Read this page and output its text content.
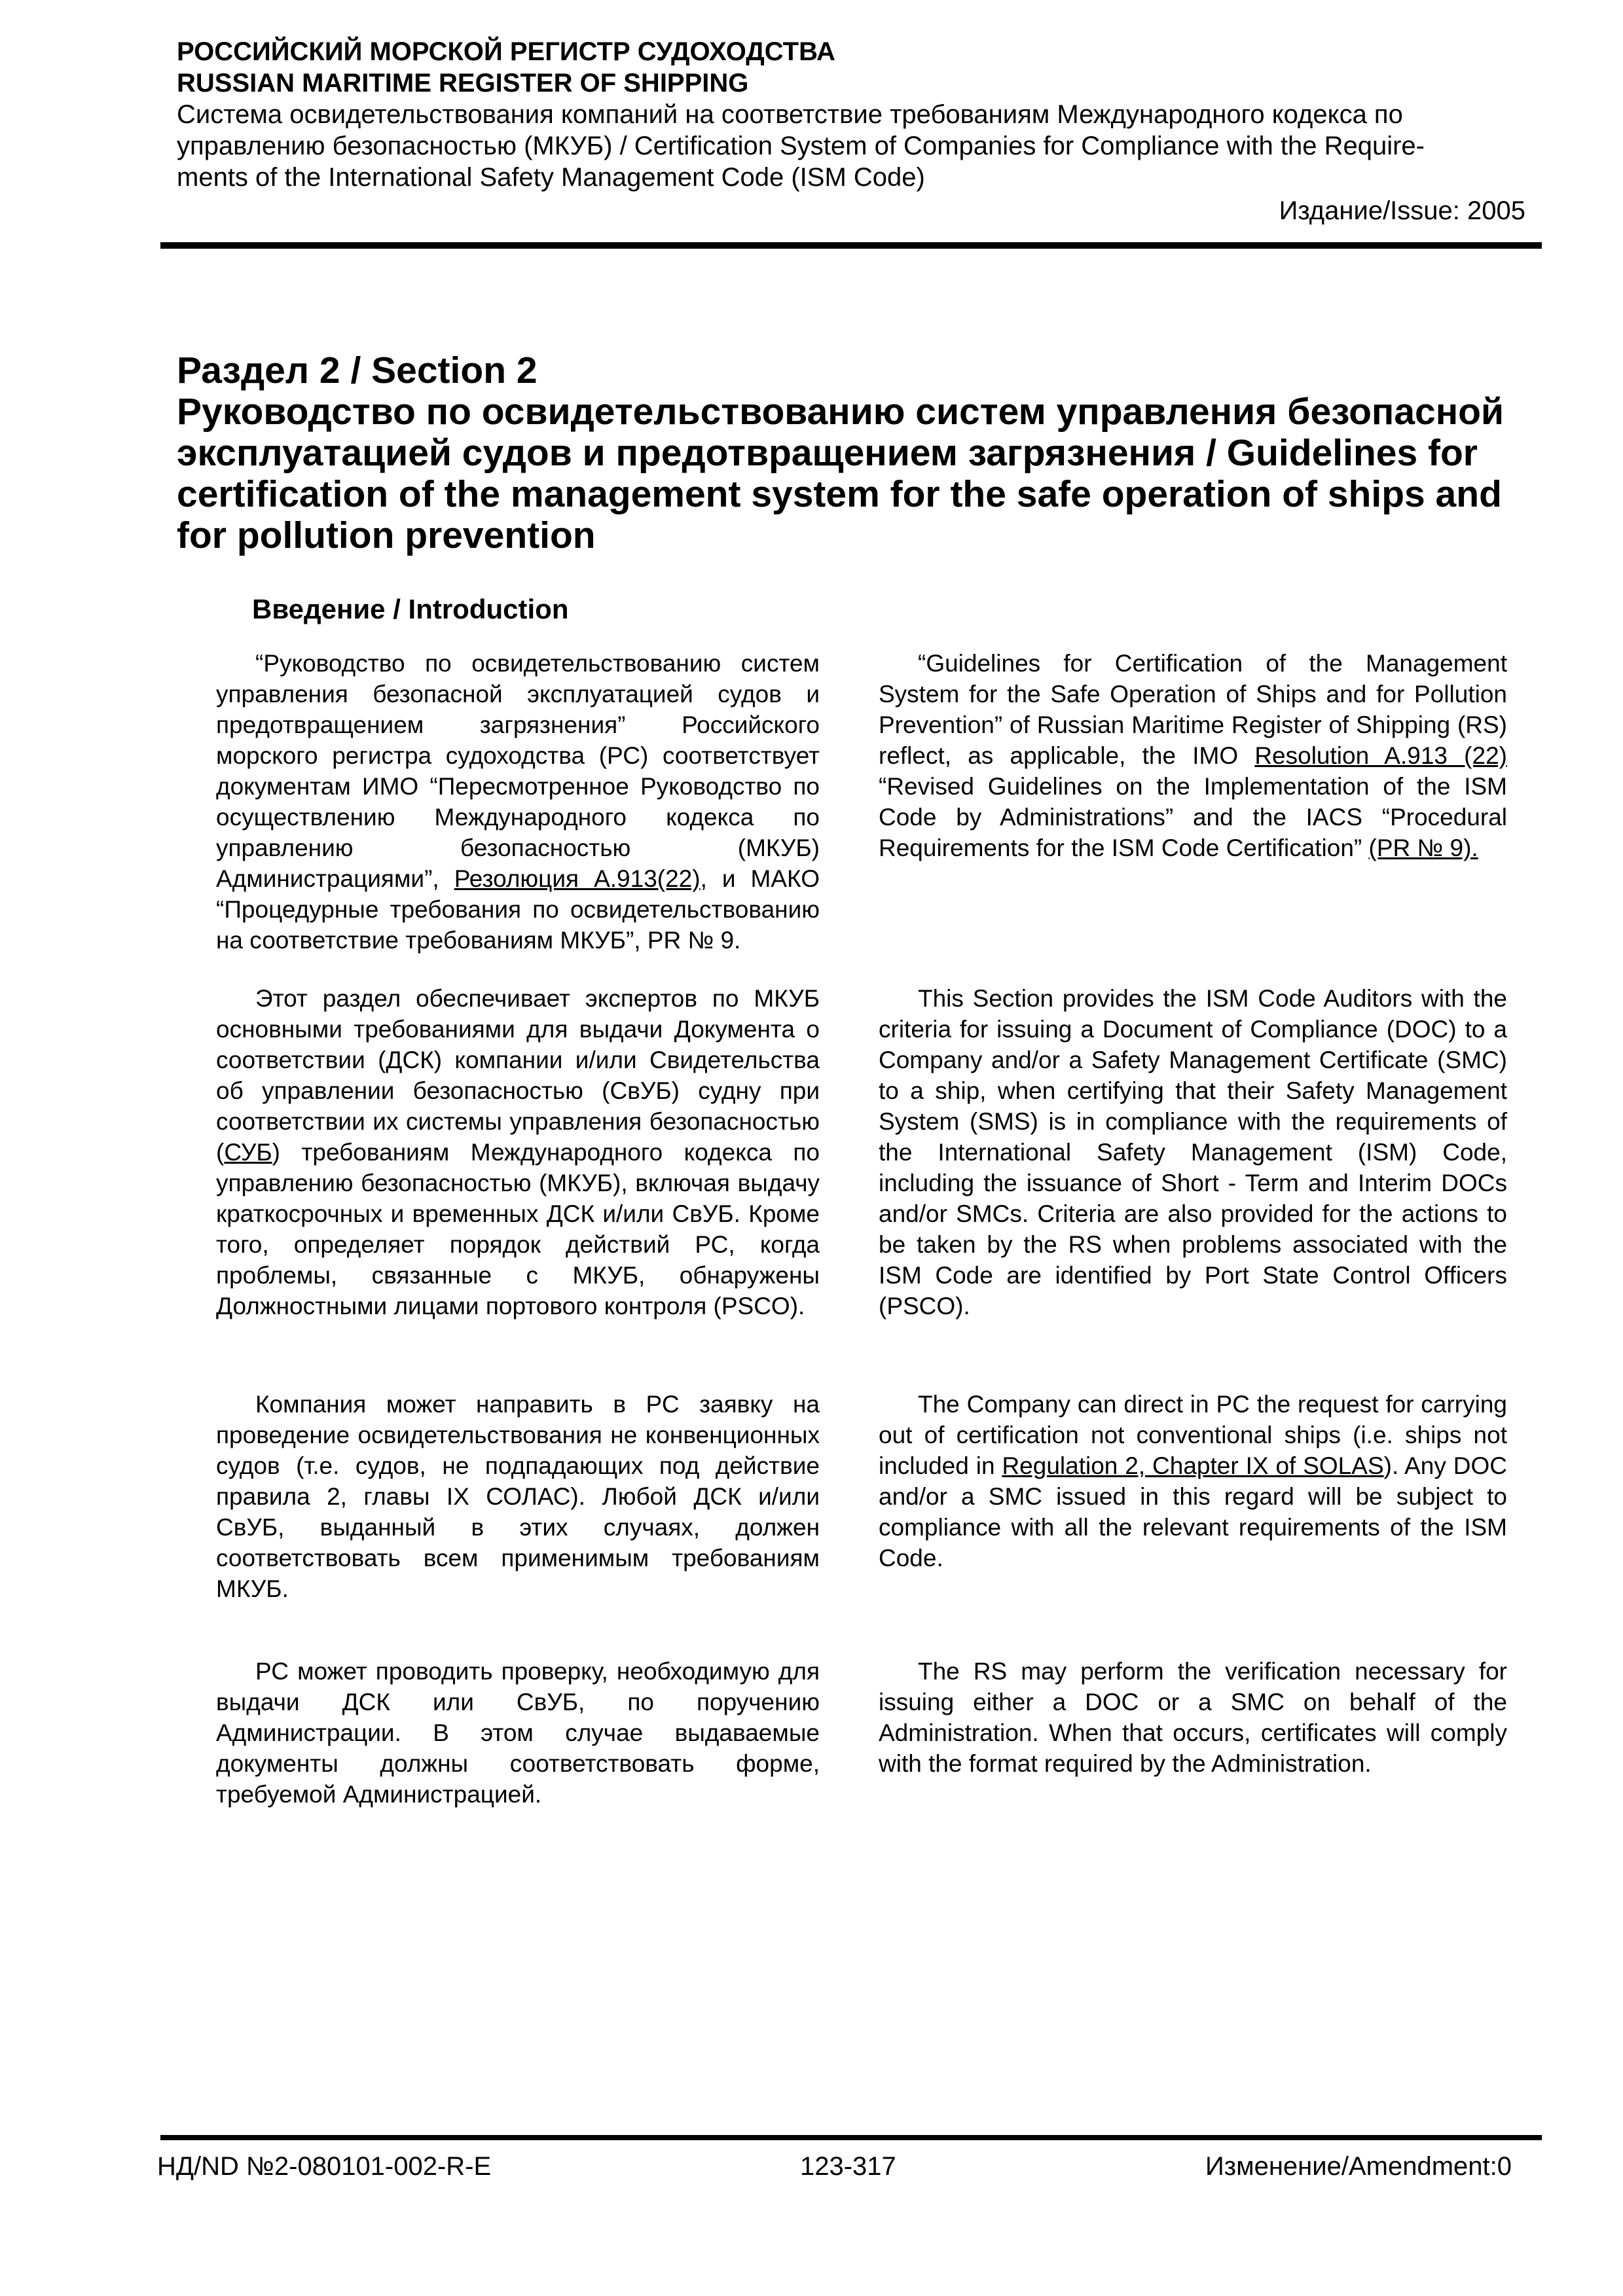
РОССИЙСКИЙ МОРСКОЙ РЕГИСТР СУДОХОДСТВА
RUSSIAN MARITIME REGISTER OF SHIPPING
Система освидетельствования компаний на соответствие требованиям Международного кодекса по
управлению безопасностью (МКУБ) / Certification System of Companies for Compliance with the Require-
ments of the International Safety Management Code (ISM Code)
Издание/Issue: 2005
Раздел 2 / Section 2
Руководство по освидетельствованию систем управления безопасной эксплуатацией судов и предотвращением загрязнения / Guidelines for certification of the management system for the safe operation of ships and for pollution prevention
Введение / Introduction

“Руководство по освидетельствованию систем управления безопасной эксплуатацией судов и предотвращением загрязнения” Российского морского регистра судоходства (РС) соответствует документам ИМО “Пересмотренное Руководство по осуществлению Международного кодекса по управлению безопасностью (МКУБ) Администрациями”, Резолюция А.913(22), и МАКО “Процедурные требования по освидетельствованию на соответствие требованиям МКУБ”, PR № 9.

Этот раздел обеспечивает экспертов по МКУБ основными требованиями для выдачи Документа о соответствии (ДСК) компании и/или Свидетельства об управлении безопасностью (СвУБ) судну при соответствии их системы управления безопасностью (СУБ) требованиям Международного кодекса по управлению безопасностью (МКУБ), включая выдачу краткосрочных и временных ДСК и/или СвУБ. Кроме того, определяет порядок действий РС, когда проблемы, связанные с МКУБ, обнаружены Должностными лицами портового контроля (PSCO).

Компания может направить в РС заявку на проведение освидетельствования не конвенционных судов (т.е. судов, не подпадающих под действие правила 2, главы IX СОЛАС). Любой ДСК и/или СвУБ, выданный в этих случаях, должен соответствовать всем применимым требованиям МКУБ.

РС может проводить проверку, необходимую для выдачи ДСК или СвУБ, по поручению Администрации. В этом случае выдаваемые документы должны соответствовать форме, требуемой Администрацией.

“Guidelines for Certification of the Management System for the Safe Operation of Ships and for Pollution Prevention” of Russian Maritime Register of Shipping (RS) reflect, as applicable, the IMO Resolution A.913 (22) “Revised Guidelines on the Implementation of the ISM Code by Administrations” and the IACS “Procedural Requirements for the ISM Code Certification” (PR № 9).

This Section provides the ISM Code Auditors with the criteria for issuing a Document of Compliance (DOC) to a Company and/or a Safety Management Certificate (SMC) to a ship, when certifying that their Safety Management System (SMS) is in compliance with the requirements of the International Safety Management (ISM) Code, including the issuance of Short - Term and Interim DOCs and/or SMCs. Criteria are also provided for the actions to be taken by the RS when problems associated with the ISM Code are identified by Port State Control Officers (PSCO).

The Company can direct in PC the request for carrying out of certification not conventional ships (i.e. ships not included in Regulation 2, Chapter IX of SOLAS). Any DOC and/or a SMC issued in this regard will be subject to compliance with all the relevant requirements of the ISM Code.

The RS may perform the verification necessary for issuing either a DOC or a SMC on behalf of the Administration. When that occurs, certificates will comply with the format required by the Administration.

НД/ND №2-080101-002-R-E	123-317	Изменение/Amendment:0
